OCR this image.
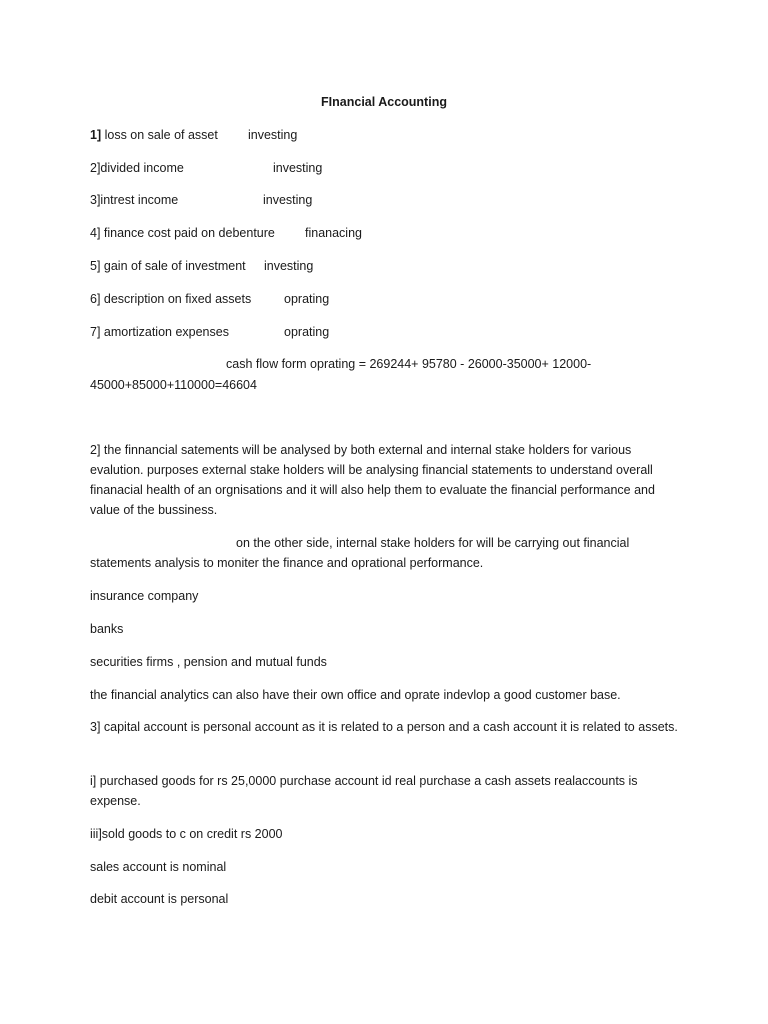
FInancial Accounting
1] loss on sale of asset investing
2]divided income	investing
3]intrest income	investing
4] finance cost paid on debenture finanacing
5] gain of sale of investment investing
6] description on fixed assets	oprating
7] amortization expenses	oprating
cash flow form oprating = 269244+ 95780 - 26000-35000+ 12000-
45000+85000+110000=46604
2] the finnancial satements will be analysed by both external and internal stake holders for various evalution. purposes external stake holders will be analysing financial statements to understand overall finanacial health of an orgnisations and it will also help them to evaluate the financial performance and value of the bussiness.
on the other side, internal stake holders for will be carrying out financial
statements analysis to moniter the finance and oprational performance.
insurance company
banks
securities firms , pension and mutual funds
the financial analytics can also have their own office and oprate indevlop a good customer base.
3] capital account is personal account as it is related to a person and a cash account it is related to assets.
i] purchased goods for rs 25,0000 purchase account id real purchase a cash assets realaccounts is expense.
iii]sold goods to c on credit rs 2000
sales account is nominal
debit account is personal
